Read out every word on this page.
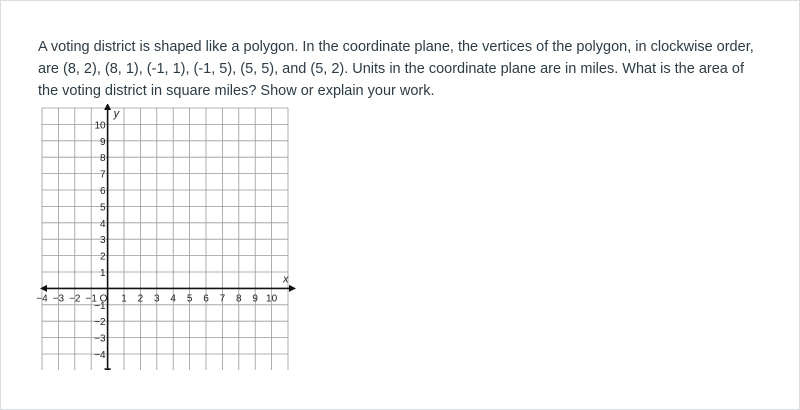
A voting district is shaped like a polygon. In the coordinate plane, the vertices of the polygon, in clockwise order, are (8, 2), (8, 1), (-1, 1), (-1, 5), (5, 5), and (5, 2). Units in the coordinate plane are in miles. What is the area of the voting district in square miles? Show or explain your work.

−4 −3 −2 −1 1 2 3 4 5 6 7 8 9 10
10
9
8
7
6
5
4
3
2
1
−1
−2
−3
−4
x
y
O
